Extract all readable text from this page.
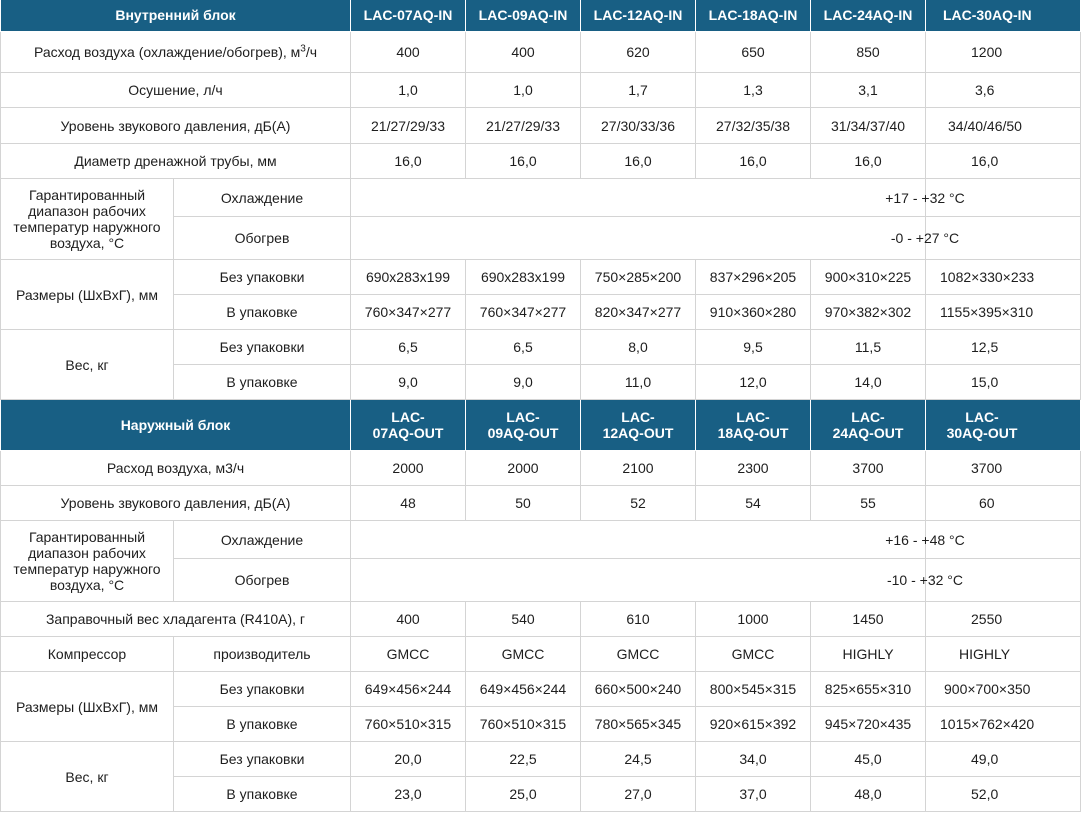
Внутренний блок		LAC-07AQ-IN	LAC-09AQ-IN	LAC-12AQ-IN	LAC-18AQ-IN	LAC-24AQ-IN	LAC-30AQ-IN
Расход воздуха (охлаждение/обогрев), $м^3/ч$		400	400	620	650	850	1200
Осушение, л/ч		1,0	1,0	1,7	1,3	3,1	3,6
Уровень звукового давления, дБ(А)		21/27/29/33	21/27/29/33	27/30/33/36	27/32/35/38	31/34/37/40	34/40/46/50
Диаметр дренажной трубы, мм		16,0	16,0	16,0	16,0	16,0	16,0
Гарантированный диапазон рабочих температур наружного воздуха, °С	Охлаждение	+17 - +32 °C					
	Обогрев	-0 - +27 °C					
Размеры (ШхВхГ), мм	Без упаковки	690x283x199	690x283x199	750×285×200	837×296×205	900×310×225	1082×330×233
	В упаковке	760×347×277	760×347×277	820×347×277	910×360×280	970×382×302	1155×395×310
Вес, кг	Без упаковки	6,5	6,5	8,0	9,5	11,5	12,5
	В упаковке	9,0	9,0	11,0	12,0	14,0	15,0
Наружный блок		LAC-07AQ-OUT	LAC-09AQ-OUT	LAC-12AQ-OUT	LAC-18AQ-OUT	LAC-24AQ-OUT	LAC-30AQ-OUT
Расход воздуха, м3/ч		2000	2000	2100	2300	3700	3700
Уровень звукового давления, дБ(А)		48	50	52	54	55	60
Гарантированный диапазон рабочих температур наружного воздуха, °С	Охлаждение	+16 - +48 °C					
	Обогрев	-10 - +32 °C					
Заправочный вес хладагента (R410A), г		400	540	610	1000	1450	2550
Компрессор	производитель	GMCC	GMCC	GMCC	GMCC	HIGHLY	HIGHLY
Размеры (ШхВхГ), мм	Без упаковки	649×456×244	649×456×244	660×500×240	800×545×315	825×655×310	900×700×350
	В упаковке	760×510×315	760×510×315	780×565×345	920×615×392	945×720×435	1015×762×420
Вес, кг	Без упаковки	20,0	22,5	24,5	34,0	45,0	49,0
	В упаковке	23,0	25,0	27,0	37,0	48,0	52,0
